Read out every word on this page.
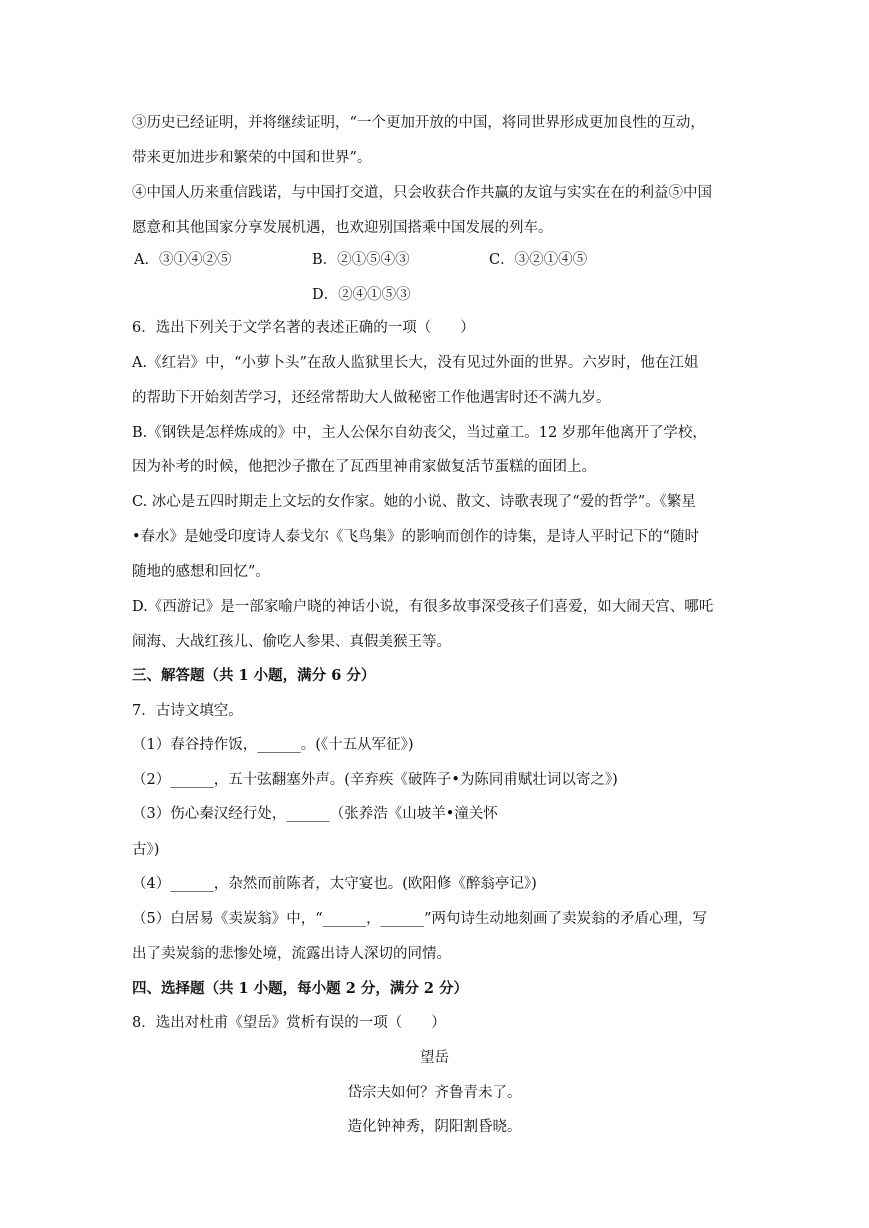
③历史已经证明，并将继续证明，“一个更加开放的中国，将同世界形成更加良性的互动，
带来更加进步和繁荣的中国和世界”。
④中国人历来重信践诺，与中国打交道，只会收获合作共赢的友谊与实实在在的利益⑤中国
愿意和其他国家分享发展机遇，也欢迎别国搭乘中国发展的列车。
A．③①④②⑤	B．②①⑤④③	C．③②①④⑤
D．②④①⑤③
6．选出下列关于文学名著的表述正确的一项（　　）
A.《红岩》中，“小萝卜头”在敌人监狱里长大，没有见过外面的世界。六岁时，他在江姐
的帮助下开始刻苦学习，还经常帮助大人做秘密工作他遇害时还不满九岁。
B.《钢铁是怎样炼成的》中，主人公保尔自幼丧父，当过童工。12 岁那年他离开了学校，
因为补考的时候，他把沙子撒在了瓦西里神甫家做复活节蛋糕的面团上。
C. 冰心是五四时期走上文坛的女作家。她的小说、散文、诗歌表现了“爱的哲学”。《繁星
•春水》是她受印度诗人泰戈尔《飞鸟集》的影响而创作的诗集，是诗人平时记下的“随时
随地的感想和回忆”。
D.《西游记》是一部家喻户晓的神话小说，有很多故事深受孩子们喜爱，如大闹天宫、哪吒
闹海、大战红孩儿、偷吃人参果、真假美猴王等。
三、解答题（共 1 小题，满分 6 分）
7．古诗文填空。
（1）春谷持作饭，______。(《十五从军征》)
（2）______，五十弦翻塞外声。(辛弃疾《破阵子•为陈同甫赋壮词以寄之》)
（3）伤心秦汉经行处，______（张养浩《山坡羊•潼关怀
古》)
（4）______，杂然而前陈者，太守宴也。(欧阳修《醉翁亭记》)
（5）白居易《卖炭翁》中，“______，______”两句诗生动地刻画了卖炭翁的矛盾心理，写
出了卖炭翁的悲惨处境，流露出诗人深切的同情。
四、选择题（共 1 小题，每小题 2 分，满分 2 分）
8．选出对杜甫《望岳》赏析有误的一项（　　）
望岳
岱宗夫如何？齐鲁青未了。
造化钟神秀，阴阳割昏晓。
